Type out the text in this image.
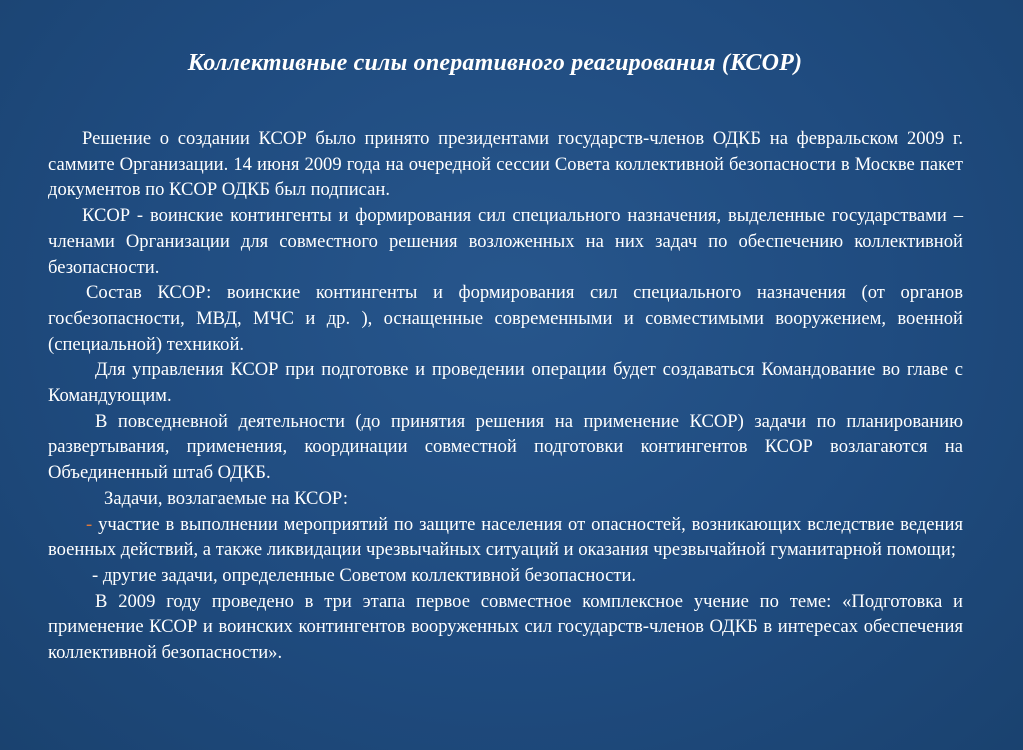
Коллективные силы оперативного реагирования (КСОР)

Решение о создании КСОР было принято президентами государств-членов ОДКБ на февральском 2009 г. саммите Организации. 14 июня 2009 года на очередной сессии Совета коллективной безопасности в Москве пакет документов по КСОР ОДКБ был подписан.

КСОР - воинские контингенты и формирования сил специального назначения, выделенные государствами – членами Организации для совместного решения возложенных на них задач по обеспечению коллективной безопасности.

Состав КСОР: воинские контингенты и формирования сил специального назначения (от органов госбезопасности, МВД, МЧС и др. ), оснащенные современными и совместимыми вооружением, военной (специальной) техникой.

Для управления КСОР при подготовке и проведении операции будет создаваться Командование во главе с Командующим.

В повседневной деятельности (до принятия решения на применение КСОР) задачи по планированию развертывания, применения, координации совместной подготовки контингентов КСОР возлагаются на Объединенный штаб ОДКБ.

Задачи, возлагаемые на КСОР:

- участие в выполнении мероприятий по защите населения от опасностей, возникающих вследствие ведения военных действий, а также ликвидации чрезвычайных ситуаций и оказания чрезвычайной гуманитарной помощи;

- другие задачи, определенные Советом коллективной безопасности.

В 2009 году проведено в три этапа первое совместное комплексное учение по теме: «Подготовка и применение КСОР и воинских контингентов вооруженных сил государств-членов ОДКБ в интересах обеспечения коллективной безопасности».
